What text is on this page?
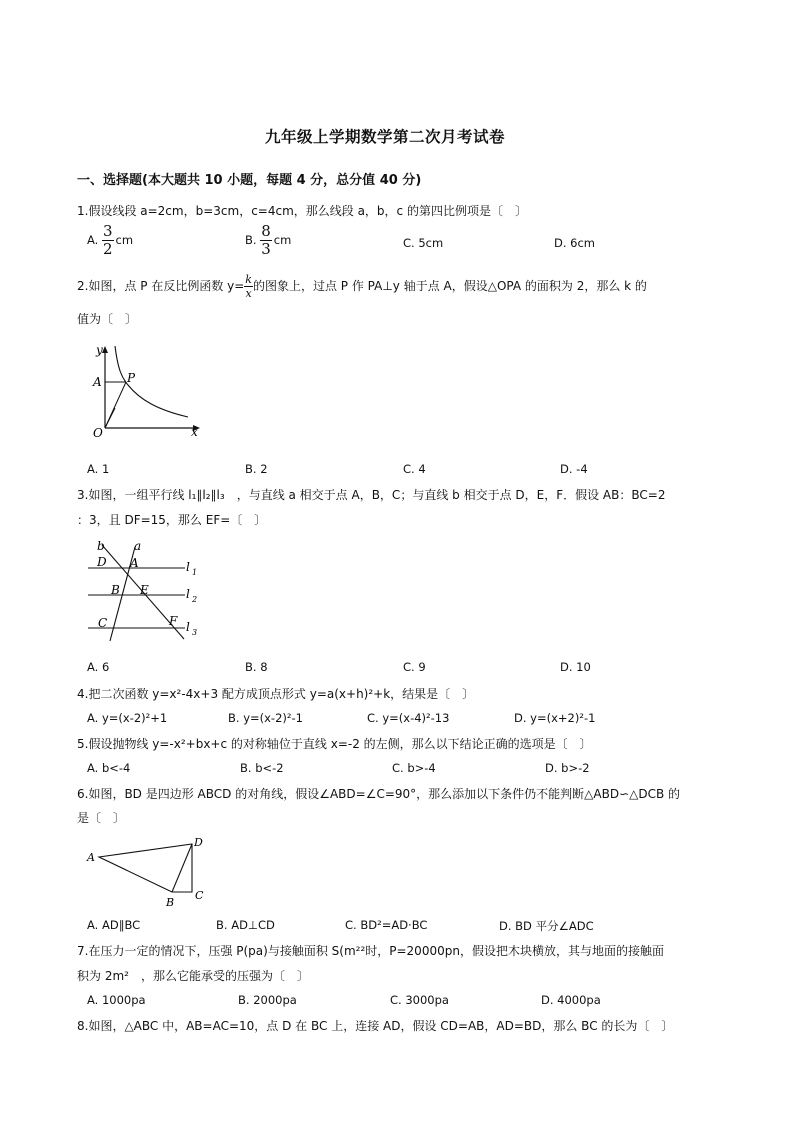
九年级上学期数学第二次月考试卷
一、选择题(本大题共 10 小题，每题 4 分，总分值 40 分)
1.假设线段 a=2cm，b=3cm，c=4cm，那么线段 a，b，c 的第四比例项是〔　〕
A. $\frac{3}{2}$ cm	B. $\frac{8}{3}$ cm	C. 5cm	D. 6cm
2.如图，点 P 在反比例函数 $y= \frac{k}{x}$ 的图象上，过点 P 作 PA⊥y 轴于点 A，假设△OPA 的面积为 2，那么 k 的
值为〔　〕
y
x
O
A P
A. 1	B. 2	C. 4	D. -4
3.如图，一组平行线 l₁∥l₂∥l₃　，与直线 a 相交于点 A，B，C；与直线 b 相交于点 D，E，F．假设 AB：BC=2
：3，且 DF=15，那么 EF=〔　〕
b a
D A
B E
C	F
l 1
l 2
l 3
A. 6	B. 8	C. 9	D. 10
4.把二次函数 y=x²-4x+3 配方成顶点形式 y=a(x+h)²+k，结果是〔　〕
A. y=(x-2)²+1	B. y=(x-2)²-1	C. y=(x-4)²-13	D. y=(x+2)²-1
5.假设抛物线 y=-x²+bx+c 的对称轴位于直线 x=-2 的左侧，那么以下结论正确的选项是〔　〕
A. b<-4	B. b<-2	C. b>-4	D. b>-2
6.如图，BD 是四边形 ABCD 的对角线，假设∠ABD=∠C=90°，那么添加以下条件仍不能判断△ABD∽△DCB 的
是〔　〕
A
B
C
D
A. AD∥BC	B. AD⊥CD	C. BD²=AD·BC	D. BD 平分∠ADC
7.在压力一定的情况下，压强 P(pa)与接触面积 S(m²²时，P=20000pn，假设把木块横放，其与地面的接触面
积为 2m²　，那么它能承受的压强为〔　〕
A. 1000pa	B. 2000pa	C. 3000pa	D. 4000pa
8.如图，△ABC 中，AB=AC=10，点 D 在 BC 上，连接 AD，假设 CD=AB，AD=BD，那么 BC 的长为〔　〕
